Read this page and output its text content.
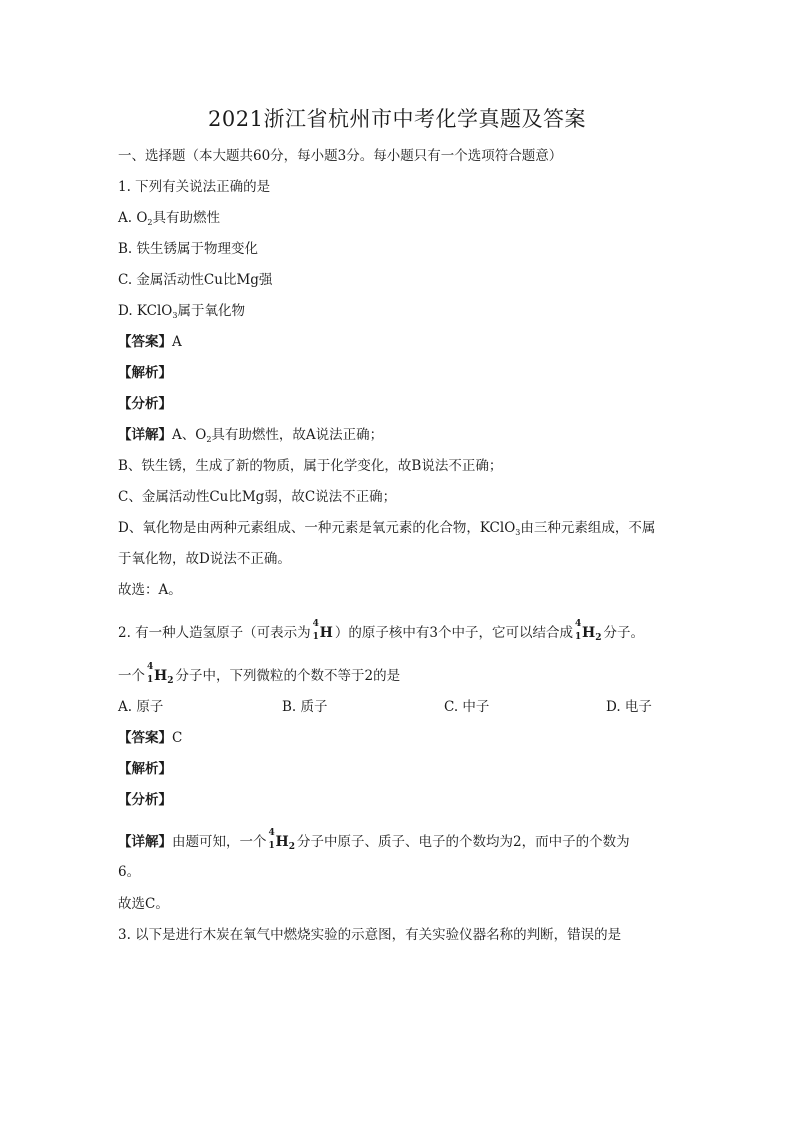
2021浙江省杭州市中考化学真题及答案
一、选择题（本大题共60分，每小题3分。每小题只有一个选项符合题意）
1. 下列有关说法正确的是
A. $O_2$具有助燃性
B. 铁生锈属于物理变化
C. 金属活动性Cu比Mg强
D. KClO$_3$属于氧化物
【答案】A
【解析】
【分析】
【详解】A、$O_2$具有助燃性，故A说法正确；
B、铁生锈，生成了新的物质，属于化学变化，故B说法不正确；
C、金属活动性Cu比Mg弱，故C说法不正确；
D、氧化物是由两种元素组成、一种元素是氧元素的化合物，KClO$_3$由三种元素组成，不属
于氧化物，故D说法不正确。
故选：A。
2. 有一种人造氢原子（可表示为
4
1 H ）的原子核中有3个中子，它可以结合成
4
1 $H_2$ 分子。
一个
4
1 $H_2$ 分子中，下列微粒的个数不等于2的是
A. 原子	B. 质子	C. 中子	D. 电子
【答案】C
【解析】
【分析】
【详解】由题可知，一个
4
1 $H_2$ 分子中原子、质子、电子的个数均为2，而中子的个数为
6。
故选C。
3. 以下是进行木炭在氧气中燃烧实验的示意图，有关实验仪器名称的判断，错误的是
